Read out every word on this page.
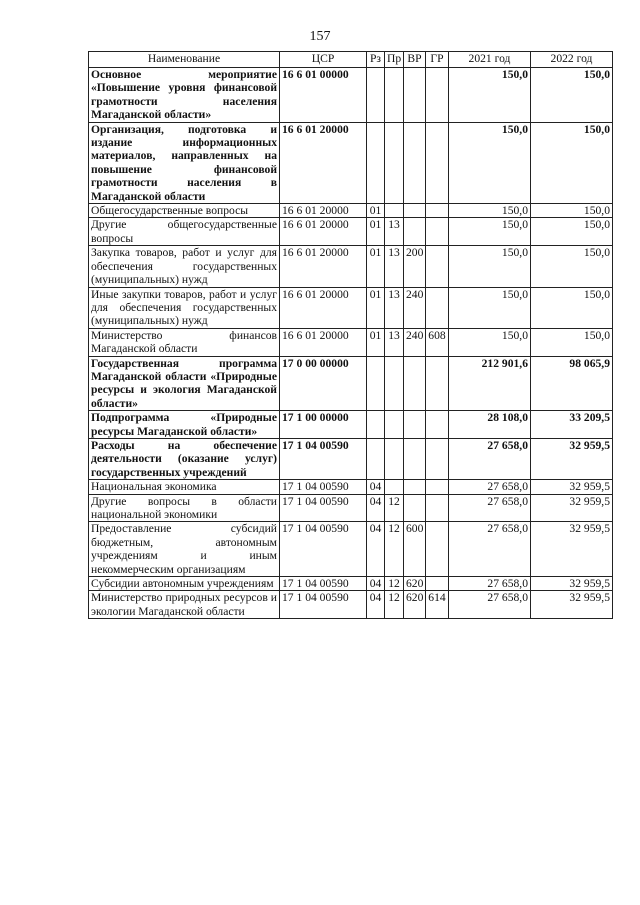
157
Наименование	ЦСР	Рз	Пр	ВР	ГР	2021 год	2022 год
Основное мероприятие «Повышение уровня финансовой грамотности населения Магаданской области»	16 6 01 00000					150,0	150,0
Организация, подготовка и издание информационных материалов, направленных на повышение финансовой грамотности населения в Магаданской области	16 6 01 20000					150,0	150,0
Общегосударственные вопросы	16 6 01 20000	01				150,0	150,0
Другие общегосударственные вопросы	16 6 01 20000	01	13			150,0	150,0
Закупка товаров, работ и услуг для обеспечения государственных (муниципальных) нужд	16 6 01 20000	01	13	200		150,0	150,0
Иные закупки товаров, работ и услуг для обеспечения государственных (муниципальных) нужд	16 6 01 20000	01	13	240		150,0	150,0
Министерство финансов Магаданской области	16 6 01 20000	01	13	240	608	150,0	150,0
Государственная программа Магаданской области «Природные ресурсы и экология Магаданской области»	17 0 00 00000					212 901,6	98 065,9
Подпрограмма «Природные ресурсы Магаданской области»	17 1 00 00000					28 108,0	33 209,5
Расходы на обеспечение деятельности (оказание услуг) государственных учреждений	17 1 04 00590					27 658,0	32 959,5
Национальная экономика	17 1 04 00590	04				27 658,0	32 959,5
Другие вопросы в области национальной экономики	17 1 04 00590	04	12			27 658,0	32 959,5
Предоставление субсидий бюджетным, автономным учреждениям и иным некоммерческим организациям	17 1 04 00590	04	12	600		27 658,0	32 959,5
Субсидии автономным учреждениям	17 1 04 00590	04	12	620		27 658,0	32 959,5
Министерство природных ресурсов и экологии Магаданской области	17 1 04 00590	04	12	620	614	27 658,0	32 959,5
